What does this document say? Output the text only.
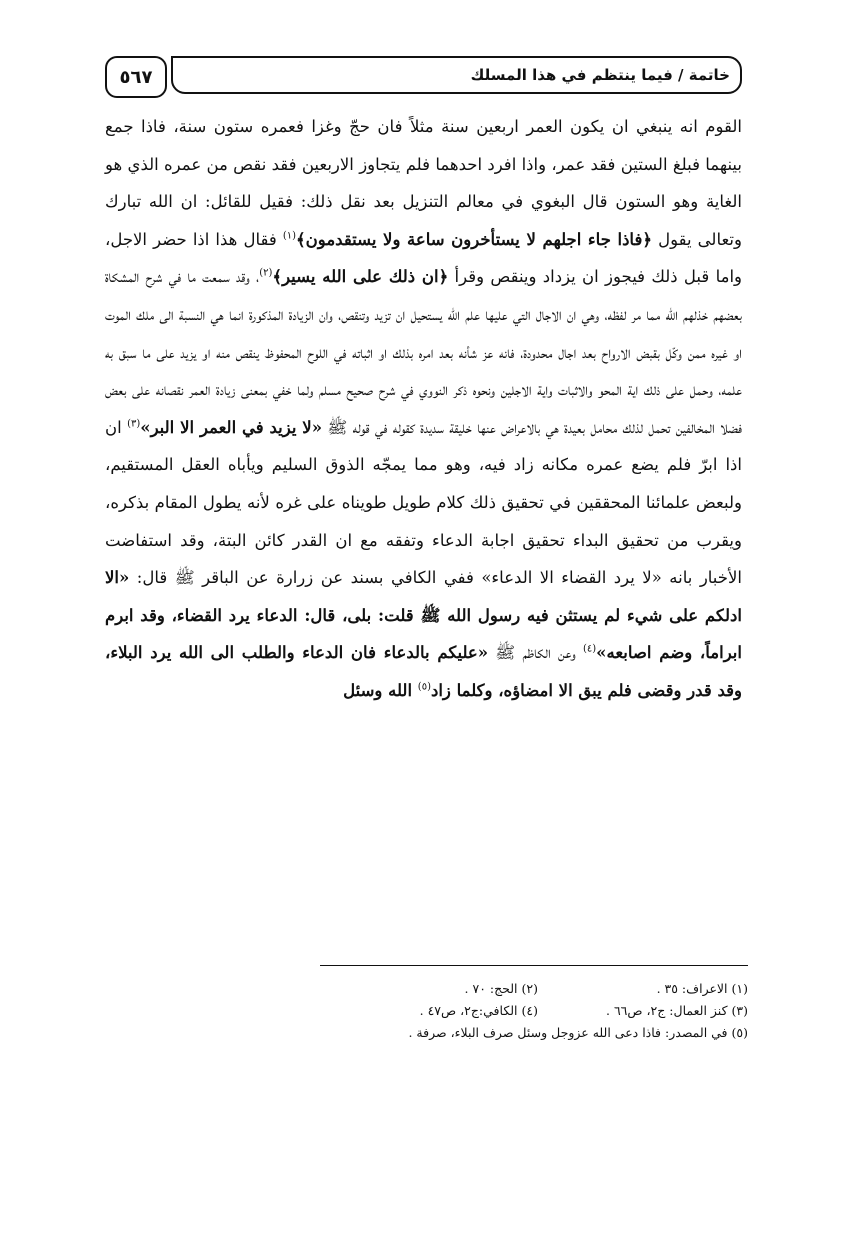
٥٦٧	خاتمة / فيما ينتظم في هذا المسلك

القوم انه ينبغي ان يكون العمر اربعين سنة مثلاً فان حجّ وغزا فعمره ستون سنة، فاذا جمع بينهما فبلغ الستين فقد عمر، واذا افرد احدهما فلم يتجاوز الاربعين فقد نقص من عمره الذي هو الغاية وهو الستون قال البغوي في معالم التنزيل بعد نقل ذلك: فقيل للقائل: ان الله تبارك وتعالى يقول ﴿فاذا جاء اجلهم لا يستأخرون ساعة ولا يستقدمون﴾$^{(١)}$ فقال هذا اذا حضر الاجل، واما قبل ذلك فيجوز ان يزداد وينقص وقرأ ﴿ان ذلك على الله يسير﴾$^{(٢)}$، وقد سمعت ما في شرح المشكاة بعضهم خذلهم الله مما مر لفظه، وهي ان الاجال التي عليها علم الله يستحيل ان تزيد وتنقص، وان الزيادة المذكورة انما هي النسبة الى ملك الموت او غيره ممن وكّل بقبض الارواح بعد اجال محدودة، فانه عز شأنه بعد امره بذلك او اثباته في اللوح المحفوظ ينقص منه او يزيد على ما سبق به علمه، وحمل على ذلك اية المحو والاثبات واية الاجلين ونحوه ذكر النووي في شرح صحيح مسلم ولما خفي بمعنى زيادة العمر نقصانه على بعض فضلا المخالفين تحمل لذلك محامل بعيدة هي بالاعراض عنها خليقة سديدة كقوله في قوله ﷺ «لا يزيد في العمر الا البر»$^{(٣)}$ ان اذا ابرّ فلم يضع عمره مكانه زاد فيه، وهو مما يمجّه الذوق السليم ويأباه العقل المستقيم، ولبعض علمائنا المحققين في تحقيق ذلك كلام طويل طويناه على غره لأنه يطول المقام بذكره، ويقرب من تحقيق البداء تحقيق اجابة الدعاء وتفقه مع ان القدر كائن البتة، وقد استفاضت الأخبار بانه «لا يرد القضاء الا الدعاء» ففي الكافي بسند عن زرارة عن الباقر ﷺ قال: «الا ادلكم على شيء لم يستثن فيه رسول الله ﷺ قلت: بلى، قال: الدعاء يرد القضاء، وقد ابرم ابراماً، وضم اصابعه»$^{(٤)}$ وعن الكاظم ﷺ «عليكم بالدعاء فان الدعاء والطلب الى الله يرد البلاء، وقد قدر وقضى فلم يبق الا امضاؤه، وكلما زاد$^{(٥)}$ الله وسئل

(١) الاعراف: ٣٥ .
(٢) الحج: ٧٠ .
(٣) كنز العمال: ج٢، ص٦٦ .
(٤) الكافي:ج٢، ص٤٧ .
(٥) في المصدر: فاذا دعى الله عزوجل وسئل صرف البلاء، صرفة .
